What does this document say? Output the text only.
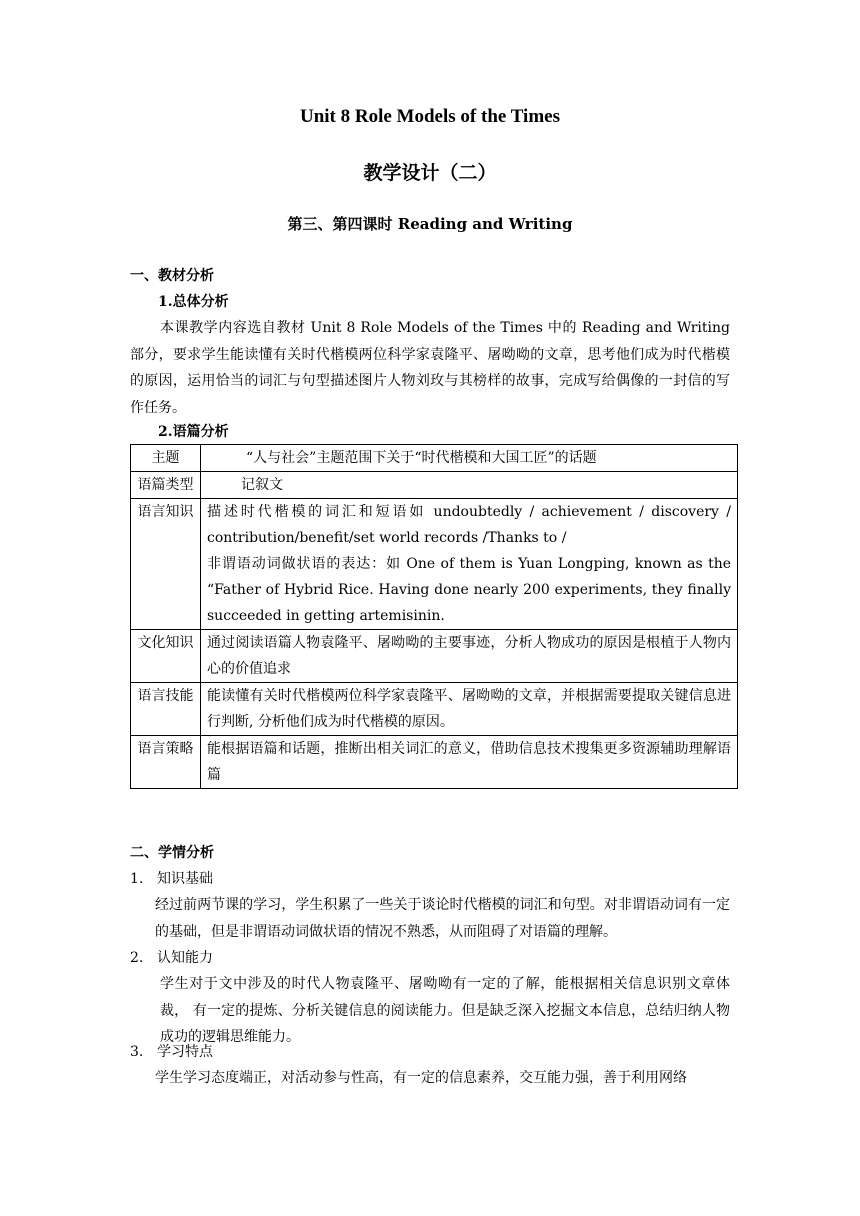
Unit 8 Role Models of the Times
教学设计（二）
第三、第四课时 Reading and Writing
一、教材分析
1.总体分析
本课教学内容选自教材 Unit 8 Role Models of the Times 中的 Reading and Writing 部分，要求学生能读懂有关时代楷模两位科学家袁隆平、屠呦呦的文章，思考他们成为时代楷模的原因，运用恰当的词汇与句型描述图片人物刘玫与其榜样的故事，完成写给偶像的一封信的写作任务。
2.语篇分析
主题	“人与社会”主题范围下关于“时代楷模和大国工匠”的话题
语篇类型	记叙文
语言知识	描述时代楷模的词汇和短语如 undoubtedly / achievement / discovery / contribution/benefit/set world records /Thanks to /
非谓语动词做状语的表达：如 One of them is Yuan Longping, known as the “Father of Hybrid Rice. Having done nearly 200 experiments, they finally succeeded in getting artemisinin.

文化知识	通过阅读语篇人物袁隆平、屠呦呦的主要事迹，分析人物成功的原因是根植于人物内心的价值追求
语言技能	能读懂有关时代楷模两位科学家袁隆平、屠呦呦的文章，并根据需要提取关键信息进行判断, 分析他们成为时代楷模的原因。
语言策略	能根据语篇和话题，推断出相关词汇的意义，借助信息技术搜集更多资源辅助理解语篇
二、学情分析
1. 知识基础
经过前两节课的学习，学生积累了一些关于谈论时代楷模的词汇和句型。对非谓语动词有一定的基础，但是非谓语动词做状语的情况不熟悉，从而阻碍了对语篇的理解。
2. 认知能力
学生对于文中涉及的时代人物袁隆平、屠呦呦有一定的了解，能根据相关信息识别文章体裁， 有一定的提炼、分析关键信息的阅读能力。但是缺乏深入挖掘文本信息，总结归纳人物成功的逻辑思维能力。
3. 学习特点
学生学习态度端正，对活动参与性高，有一定的信息素养，交互能力强，善于利用网络
